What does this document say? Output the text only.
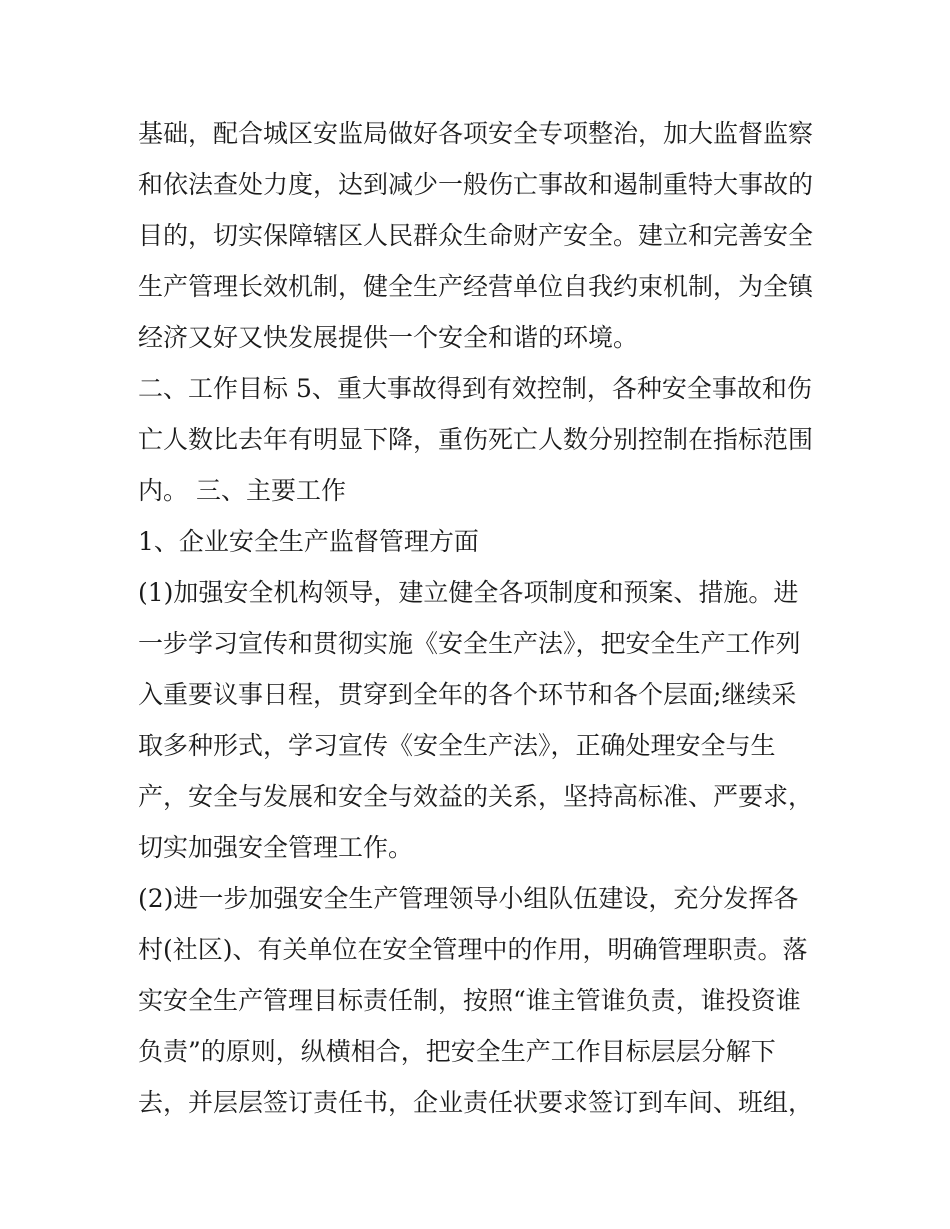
基础，配合城区安监局做好各项安全专项整治，加大监督监察
和依法查处力度，达到减少一般伤亡事故和遏制重特大事故的
目的，切实保障辖区人民群众生命财产安全。建立和完善安全
生产管理长效机制，健全生产经营单位自我约束机制，为全镇
经济又好又快发展提供一个安全和谐的环境。
二、工作目标 5、重大事故得到有效控制，各种安全事故和伤
亡人数比去年有明显下降，重伤死亡人数分别控制在指标范围
内。 三、主要工作
1、企业安全生产监督管理方面
(1)加强安全机构领导，建立健全各项制度和预案、措施。进
一步学习宣传和贯彻实施《安全生产法》，把安全生产工作列
入重要议事日程，贯穿到全年的各个环节和各个层面;继续采
取多种形式，学习宣传《安全生产法》，正确处理安全与生
产，安全与发展和安全与效益的关系，坚持高标准、严要求，
切实加强安全管理工作。
(2)进一步加强安全生产管理领导小组队伍建设，充分发挥各
村(社区)、有关单位在安全管理中的作用，明确管理职责。落
实安全生产管理目标责任制，按照“谁主管谁负责，谁投资谁
负责”的原则，纵横相合，把安全生产工作目标层层分解下
去，并层层签订责任书，企业责任状要求签订到车间、班组，
